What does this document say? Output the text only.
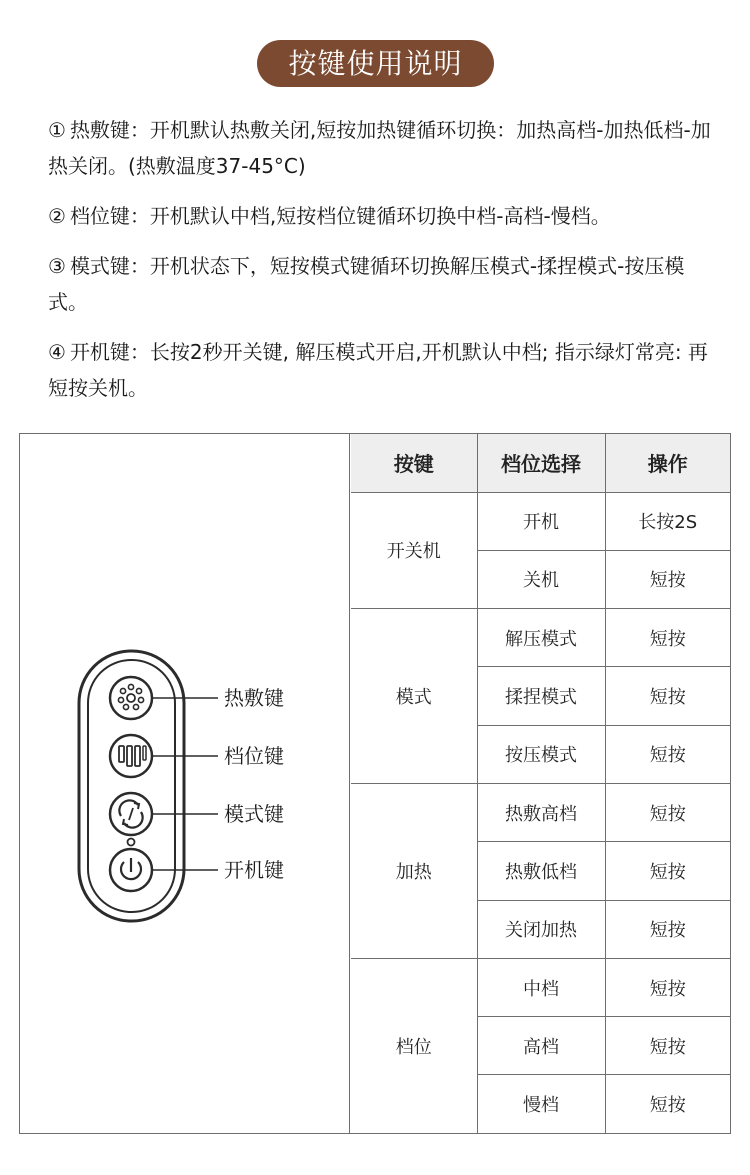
按键使用说明

① 热敷键：开机默认热敷关闭,短按加热键循环切换：加热高档-加热低档-加热关闭。(热敷温度37-45°C)

② 档位键：开机默认中档,短按档位键循环切换中档-高档-慢档。

③ 模式键：开机状态下，短按模式键循环切换解压模式-揉捏模式-按压模式。

④ 开机键：长按2秒开关键, 解压模式开启,开机默认中档; 指示绿灯常亮: 再短按关机。

热敷键
档位键
模式键
开机键
按键	档位选择	操作
开关机	开机	长按2S
	关机	短按
模式	解压模式	短按
	揉捏模式	短按
	按压模式	短按
加热	热敷高档	短按
	热敷低档	短按
	关闭加热	短按
档位	中档	短按
	高档	短按
	慢档	短按
